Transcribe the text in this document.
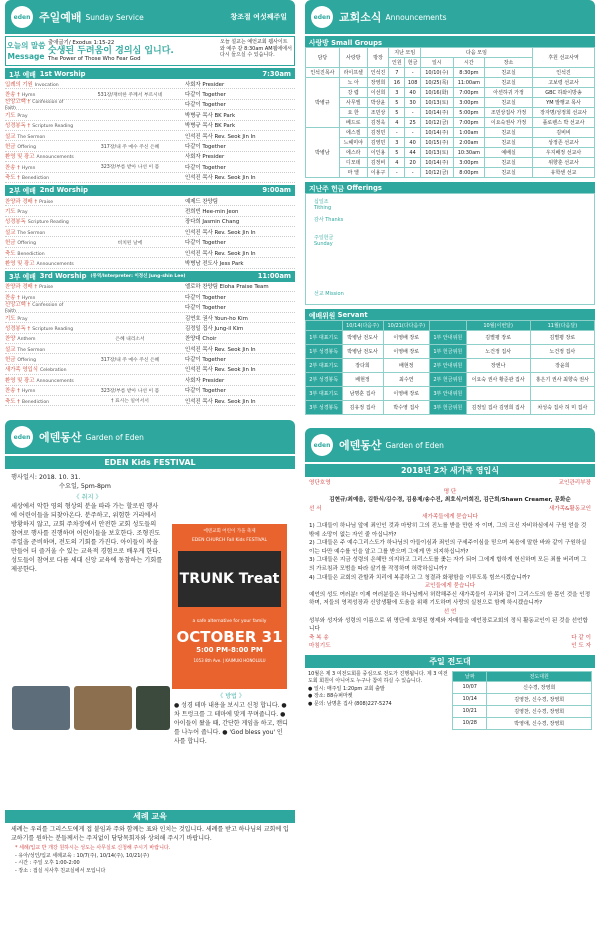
eden 주일예배 Sunday Service	창조절 여섯째주일
오늘의 말씀 Message
출애굽기/ Exodus 1:15-22
숫생된 두려움이 경의심 입니다.
The Power of Those Who Fear God
오늘 설교는 예언교회 웹사이트와 예주 같 8:30am AM웹에에서 다시 들으실 수 있습니다.
1부 예배 1st Worship	7:30am
입례의 기원 Invocation	사회자 Presider
찬송 † Hymn	531장/재비한 주께서 부르시네	다같이 Together
신앙고백 † Confession of Faith
다같이 Together
기도 Pray	박병규 목사 BK Park
성경봉독 † Scripture Reading	박병규 목사 BK Park
설교 The Sermon	인석진 목사 Rev. Seok Jin In
헌금 Offering	317장/내 주 예수 주신 은혜	다같이 Together
환영 및 광고 Announcements	사회자 Presider
찬송 † Hymn	323장/부름 받아 나선 이 몸	다같이 Together
축도 † Benediction	인석진 목사 Rev. Seok Jin In
2부 예배 2nd Worship	9:00am
찬양과 경배 † Praise	예제드 찬양팀
기도 Pray	전희빈 Hee-min Jeon
성경봉독 Scripture Reading	장다희 Jasmin Chang
설교 The Sermon	인석진 목사 Rev. Seok Jin In
헌금 Offering	비치된 날에	다같이 Together
축도 Benediction	인석진 목사 Rev. Seok Jin In
환영 및 광고 Announcements	박병남 전도사 Jess Park
3부 예배 3rd Worship (통역/Interpreter: 이정신 Jung-shin Lee)	11:00am
찬양과 경배 † Praise	엘로하 찬양팀 Eloha Praise Team
찬송 † Hymn	다같이 Together
신앙고백 † Confession of Faith
다같이 Together
기도 Pray	김연호 권사 Youn-ho Kim
성경봉독 † Scripture Reading	김정일 집사 Jung-il Kim
찬양 Anthem	은혜 내리소서	찬양대 Choir
설교 The Sermon	인석진 목사 Rev. Seok Jin In
헌금 Offering	317장/내 주 예수 주신 은혜	다같이 Together
새가족 영입식 Celebration	인석진 목사 Rev. Seok Jin In
환영 및 광고 Announcements	사회자 Presider
찬송 † Hymn	323장/부름 받아 나선 이 몸	다같이 Together
축도 † Benediction	† 표시는 일어서서	인석진 목사 Rev. Seok Jin In
eden 에덴동산 Garden of Eden
EDEN Kids FESTIVAL
행사일시: 2018. 10. 31.
수요일, 5pm-8pm
《 취지 》
세상에서 악한 영의 형상의 분을 따라 가는 할로윈 행사에 어린이들을 되찾아온다. 분주하고, 위험한 거리에서 방황하지 않고, 교회 주차장에서 안전한 교회 성도들의 참여로 행사를 진행하며 어린이들을 보호한다. 조형진도주일을 준비하며, 전도의 기회를 가진다. 아이들이 복을 만들어 더 즐거울 수 있는 교육적 경험으로 배우게 한다. 성도들이 참여로 다름 세대 신앙 교육에 동참하는 기회를 제공한다.
에덴교회 어린이 가을 축제
EDEN CHURCH Fall Kids FESTIVAL
TRUNK Treat
a safe alternative for your family
OCTOBER 31
5:00 PM-8:00 PM
1053 8th Ave. | KAIMUKI HONOLULU
《 방법 》
● 성경 테마 내용을 보시고 신청 합니다. ● 차 트렁크를 그 테마에 맞게 꾸며줍니다. ● 아이들이 왔을 때, 간단한 게임을 하고, 캔디를 나누어 줍니다. ● 'God bless you' 인사를 합니다.
세례 교육
세례는 우리를 그리스도에게 접 붙임과 주와 함께는 표와 인치는 것입니다. 세례를 받고 하나님의 교회에 입교하기를 원하는 분들께서는 주저없이 담당목회자와 상의해 주시기 바랍니다.
* 세례/입교 반 개강 원하시는 성도는 사무실로 신청해 주시기 바랍니다.
- 유아/성인/입교 세례교육 : 10/7(주), 10/14(주), 10/21(주)
- 시간 : 주일 오후 1:00-2:00
- 장소 : 접실 식사후 친교실에서 모입니다
eden 교회소식 Announcements
사랑방 Small Groups
담당	사랑방	방장	지난 모임		다음 모임			후원 선교사역
			인원	헌금	일시	시간	장소	
인석진목사	라이프셀	인석진	7	-	10/10(수)	8:30pm	친교실	인석진
박병규	노 아	장영희	16	108	10/25(목)	11:00am	친교실	고보령 선교사
	강 렵	이선희	3	40	10/16(화)	7:00pm	아션하귀 가정	GBC 하와이방송
	사무엘	박상윤	5	30	10/13(토)	3:00pm	친교실	YM 발행교 목사
	요 한	조민상	5	-	10/14(주)	5:00pm	조민상집사 가정	장자명/성정희 선교사
	베드로	김정욱	4	25	10/12(금)	7:00pm	이요숙권사 가정	플로렌스 박 선교사
박병남	에스겔	김정민	-	-	10/14(주)	1:00am	친교실	김비비
	느헤미야	김영민	3	40	10/15(주)	2:00am	친교실	상정존 선교사
	에스라	이인용	5	44	10/13(토)	10:30am	예배실	우지배정 선교사
	디모데	김정비	4	20	10/14(주)	3:00pm	친교실	위향훈 선교사
	마 엘	이용구	-	-	10/12(금)	8:00pm	친교실	유학센 선교
지난주 헌금
Offerings
십일조 Tithing
감사 Thanks
주일헌금 Sunday
선교 Mission
예배위원
Servant
	10/14(다음주)	10/21(다다음주)		10월(이번달)	11월(다음달)
1부 대표기도	박병남 전도사	이영배 장로	1부 안내위원	김별평 장로	김별평 장로
1부 성경봉독	박병남 전도사	이영배 장로	1부 헌금위원	노건정 집사	노건정 집사
2부 대표기도	장다희	배현정	2부 안내위원	장엔나	장윤희
2부 성경봉독	배현정	최수연	2부 헌금위원	이요숙 권사 황준관 집사	홍은기 권사 최향숙 권사
3부 대표기도	남명훈 집사	이영배 장로	3부 안내위원		
3부 성경봉독	김유정 집사	박수영 집사	3부 헌금위원	김정일 집사 김영희 집사	차성숙 집사 허 미 집사
eden 에덴동산 Garden of Eden
2018년 2차 새가족 영입식
영단호영	교인관리부장
명 단
김현규/최예음, 김한식/김수경, 김용제/송수진, 최호식/이희진, 김근희/Shawn Creamer, 문화순
선 서	새가족&활동교인
새가족들에게 묻습니다
1) 그대들이 하나님 앞에 죄인인 것과 마땅히 그의 진노를 받을 만한 자 이며, 그의 크신 자비하심에서 구원 얻을 것 밖에 소망이 없는 자인 줄 아십니까?
2) 그대들은 주 예수그리스도가 하나님의 아들이심과 죄인의 구세주이심을 믿으며 복음에 말한 바와 같이 구원하실 이는 다만 예수를 인을 알고 그를 받으며 그에게 만 의지하십니까?
3) 그대들은 지금 성령의 은혜만 의지하고 그리스도를 좇는 자가 되어 그에게 합하게 헌신하며 모든 죄를 버리며 그의 가르침과 모범을 따라 살기를 작정하며 허락하십니까?
4) 그대들은 교회의 관할과 치리에 복종하고 그 청결과 화평함을 이루도록 힘쓰시겠습니까?
교인들에게 묻습니다
예언의 성도 여러분! 이제 여러분들은 하나님께서 허락해주신 새가족들이 우리와 같이 그리스도의 한 몸인 것을 인정하며, 저들의 영적성장과 신앙생활에 도움을 위해 기도하며 사랑의 실천으로 함께 하시겠습니까?
선 언
성부와 성자와 성령의 이름으로 위 명단에 호명된 형제와 자매들을 예언장로교회의 정식 활동교인이 된 것을 선언합니다
축 복 송	다 같 이
마침기도	인 도 자
주일 전도대
10월은 제 3 여전도회를 중심으로 전도가 진행됩니다. 제 3 여전도회 회원이 아니어도 누구나 참여 하실 수 있습니다.
● 일시: 매주일 1:20pm 교회 출발
● 장소: 88슈퍼마켓
● 문의: 남명훈 집사 (808)227-5274
날짜	전도대원
10/07	신수경, 장영희
10/14	김영찬, 신수경, 장영희
10/21	김영찬, 신수경, 장영희
10/28	박영애, 신수경, 장영희
